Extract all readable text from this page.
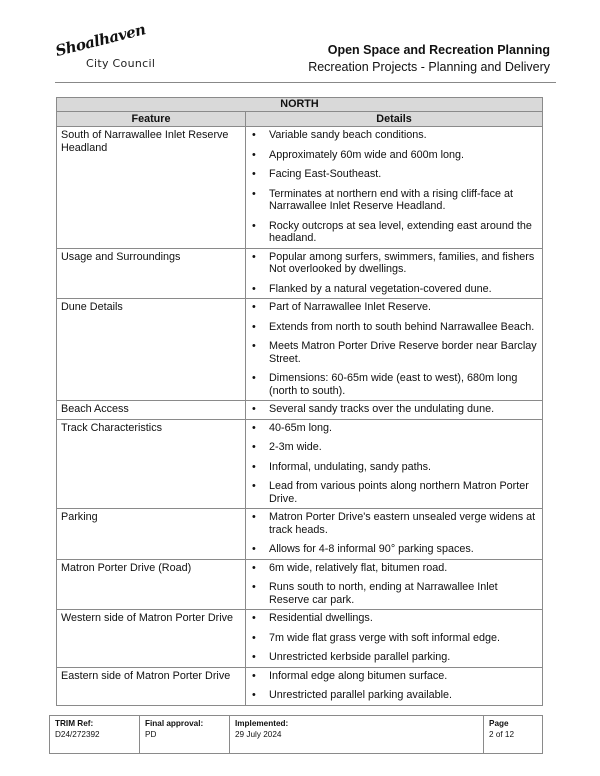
Shoalhaven
City Council
Open Space and Recreation Planning
Recreation Projects - Planning and Delivery
NORTH	
Feature	Details
South of Narrawallee Inlet Reserve Headland	
• Variable sandy beach conditions.
• Approximately 60m wide and 600m long.
• Facing East-Southeast.
• Terminates at northern end with a rising cliff-face at Narrawallee Inlet Reserve Headland.
• Rocky outcrops at sea level, extending east around the headland.

Usage and Surroundings	• Popular among surfers, swimmers, families, and fishers Not overlooked by dwellings.
• Flanked by a natural vegetation-covered dune.

Dune Details	• Part of Narrawallee Inlet Reserve.
• Extends from north to south behind Narrawallee Beach.
• Meets Matron Porter Drive Reserve border near Barclay Street.
• Dimensions: 60-65m wide (east to west), 680m long (north to south).

Beach Access	• Several sandy tracks over the undulating dune.

Track Characteristics	• 40-65m long.
• 2-3m wide.
• Informal, undulating, sandy paths.
• Lead from various points along northern Matron Porter Drive.

Parking	• Matron Porter Drive's eastern unsealed verge widens at track heads.
• Allows for 4-8 informal 90° parking spaces.

Matron Porter Drive (Road)	• 6m wide, relatively flat, bitumen road.
• Runs south to north, ending at Narrawallee Inlet Reserve car park.

Western side of Matron Porter Drive	• Residential dwellings.
• 7m wide flat grass verge with soft informal edge.
• Unrestricted kerbside parallel parking.

Eastern side of Matron Porter Drive	• Informal edge along bitumen surface.
• Unrestricted parallel parking available.
TRIM Ref:
D24/272392	
Final approval:
PD	
Implemented:
29 July 2024	
Page
2 of 12
